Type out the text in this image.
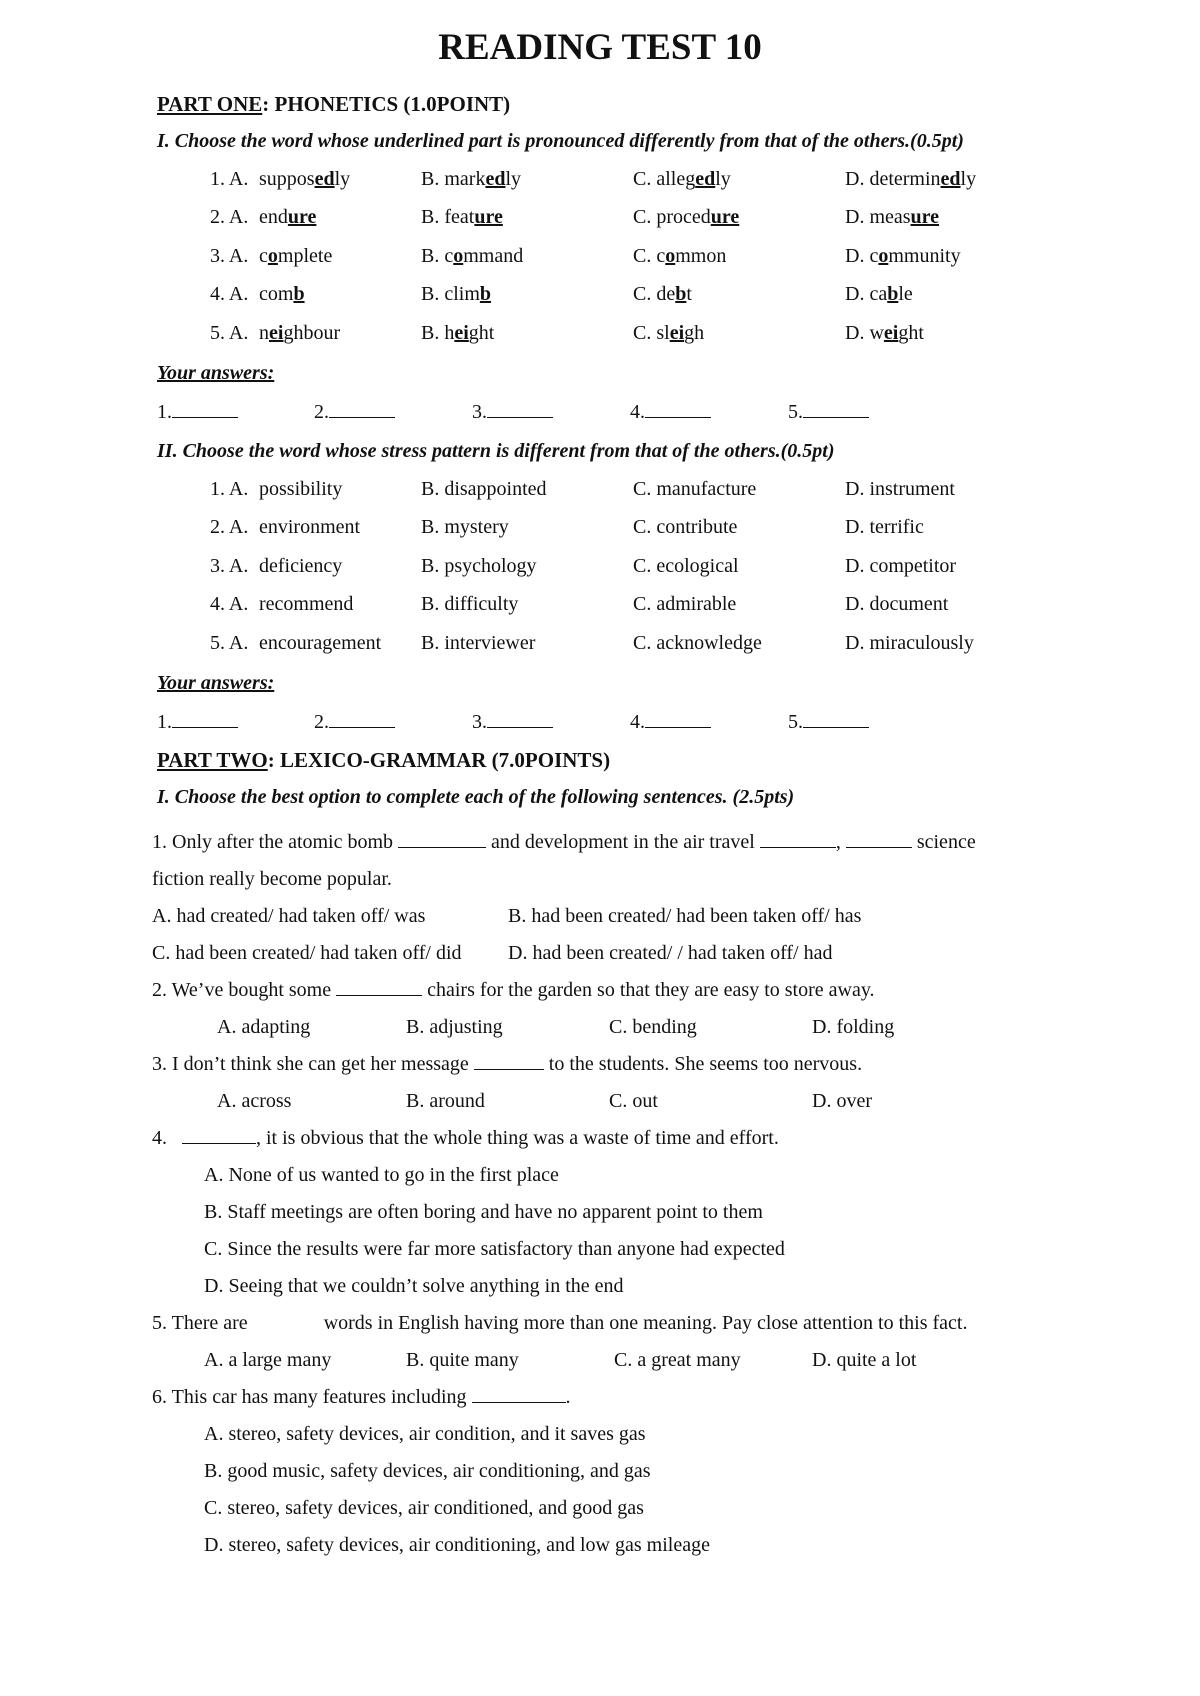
READING TEST 10
PART ONE: PHONETICS (1.0POINT)
I. Choose the word whose underlined part is pronounced differently from that of the others.(0.5pt)
1. A. supposedly	B. markedly	C. allegedly	D. determinedly
2. A. endure	B. feature	C. procedure	D. measure
3. A. complete	B. command	C. common	D. community
4. A. comb	B. climb	C. debt	D. cable
5. A. neighbour	B. height	C. sleigh	D. weight
Your answers:
1.	2.	3.	4.	5.
II. Choose the word whose stress pattern is different from that of the others.(0.5pt)
1. A. possibility	B. disappointed	C. manufacture	D. instrument
2. A. environment	B. mystery	C. contribute	D. terrific
3. A. deficiency	B. psychology	C. ecological	D. competitor
4. A. recommend	B. difficulty	C. admirable	D. document
5. A. encouragement B. interviewer	C. acknowledge	D. miraculously
Your answers:
1.	2.	3.	4.	5.
PART TWO: LEXICO-GRAMMAR (7.0POINTS)
I. Choose the best option to complete each of the following sentences. (2.5pts)
1. Only after the atomic bomb	and development in the air travel	,	science
fiction really become popular.
A. had created/ had taken off/ was	B. had been created/ had been taken off/ has
C. had been created/ had taken off/ did D. had been created/ / had taken off/ had
2. We’ve bought some	chairs for the garden so that they are easy to store away.
A. adapting	B. adjusting	C. bending	D. folding
3. I don’t think she can get her message	to the students. She seems too nervous.
A. across	B. around	C. out	D. over
4.	, it is obvious that the whole thing was a waste of time and effort.
A. None of us wanted to go in the first place
B. Staff meetings are often boring and have no apparent point to them
C. Since the results were far more satisfactory than anyone had expected
D. Seeing that we couldn’t solve anything in the end
5. There are	words in English having more than one meaning. Pay close attention to this fact.
A. a large many	B. quite many	C. a great many	D. quite a lot
6. This car has many features including	.
A. stereo, safety devices, air condition, and it saves gas
B. good music, safety devices, air conditioning, and gas
C. stereo, safety devices, air conditioned, and good gas
D. stereo, safety devices, air conditioning, and low gas mileage
